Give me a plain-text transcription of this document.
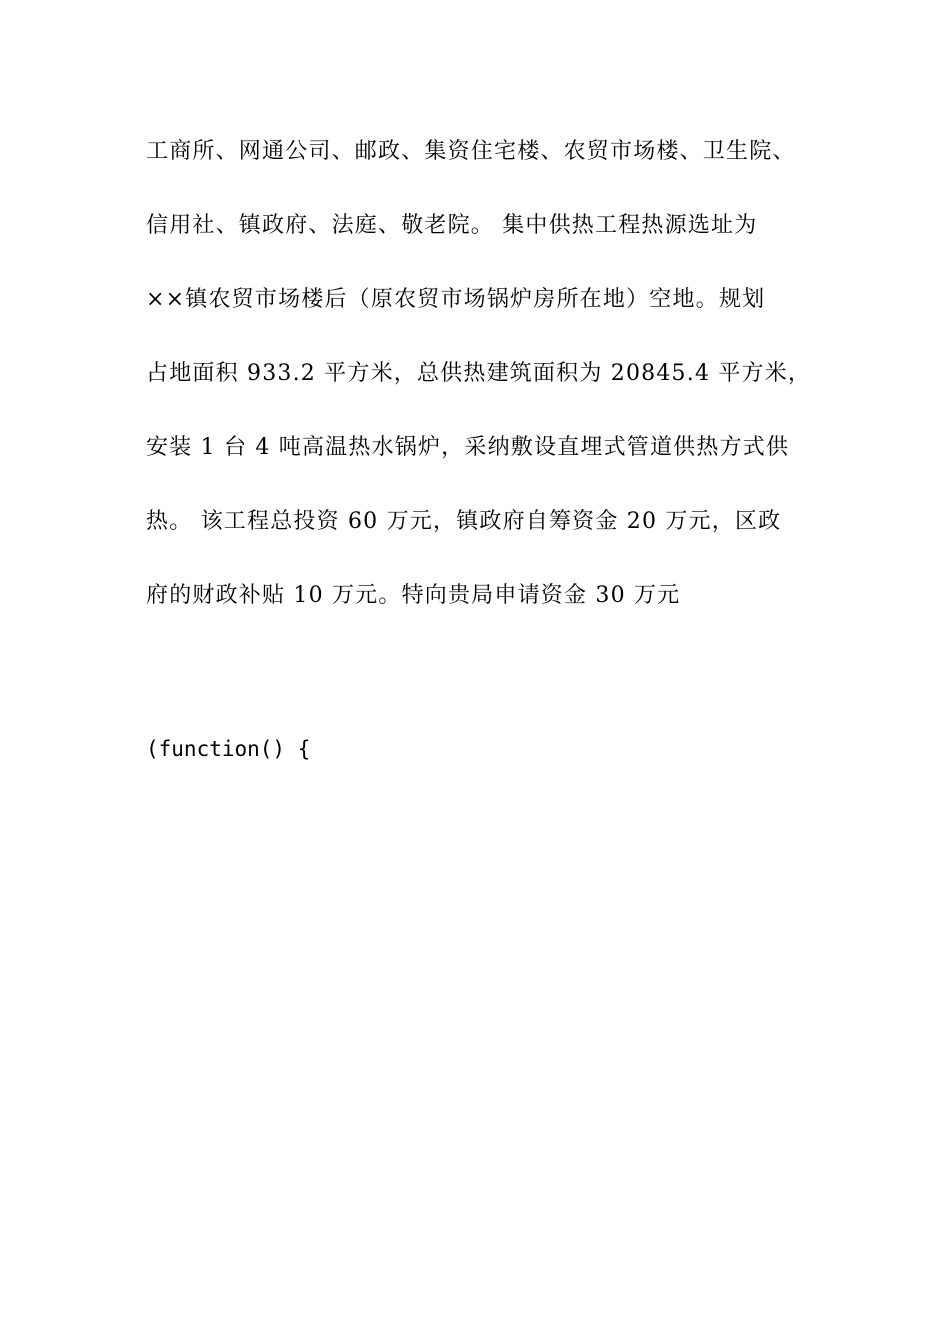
工商所、网通公司、邮政、集资住宅楼、农贸市场楼、卫生院、
信用社、镇政府、法庭、敬老院。 集中供热工程热源选址为
××镇农贸市场楼后（原农贸市场锅炉房所在地）空地。规划
占地面积 933.2 平方米，总供热建筑面积为 20845.4 平方米，
安装 1 台 4 吨高温热水锅炉，采纳敷设直埋式管道供热方式供
热。 该工程总投资 60 万元，镇政府自筹资金 20 万元，区政
府的财政补贴 10 万元。特向贵局申请资金 30 万元
(function() {
